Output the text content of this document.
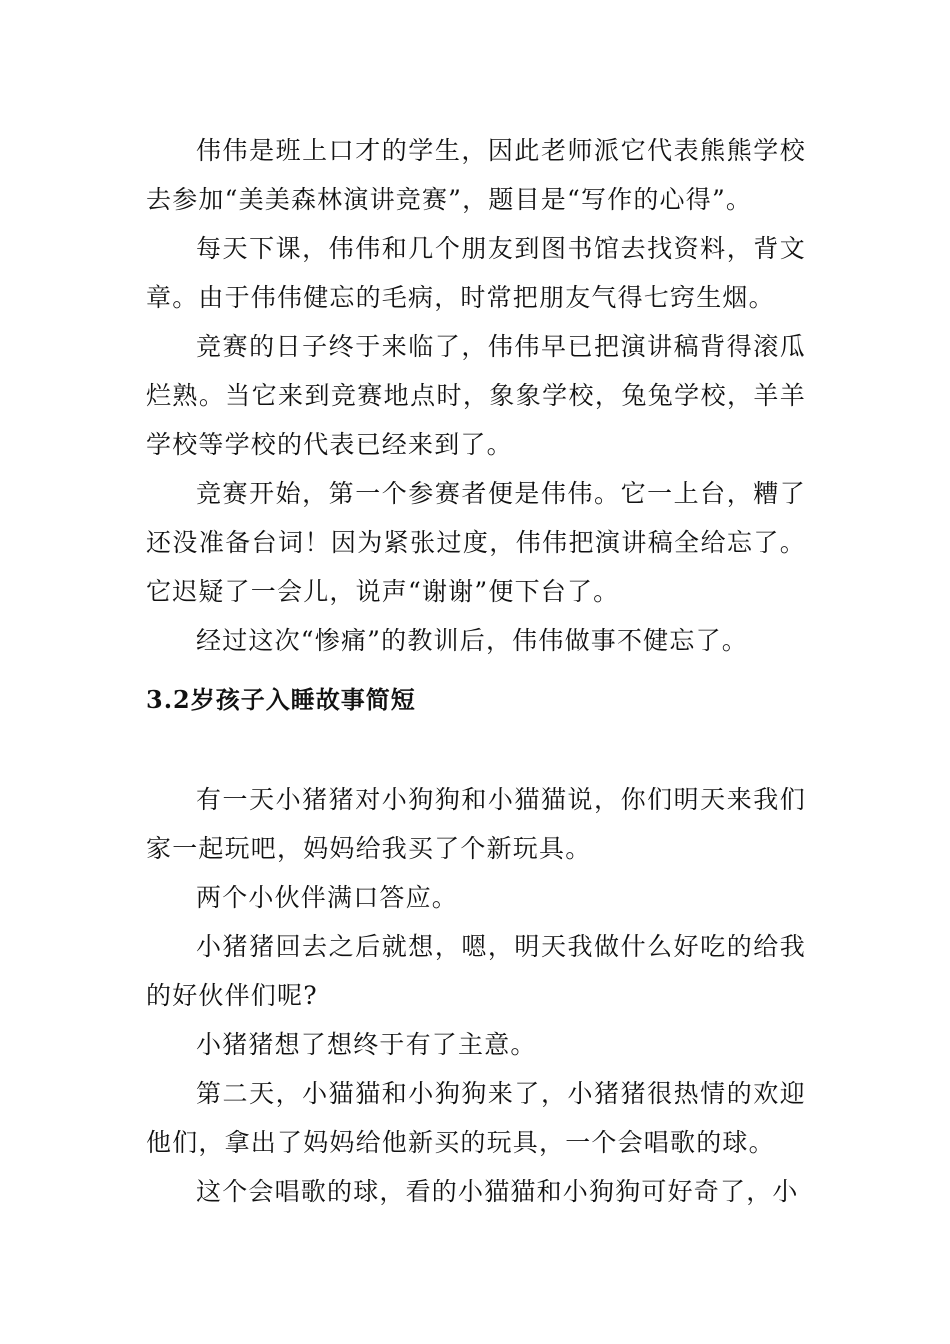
伟伟是班上口才的学生，因此老师派它代表熊熊学校去参加“美美森林演讲竞赛”，题目是“写作的心得”。

每天下课，伟伟和几个朋友到图书馆去找资料，背文章。由于伟伟健忘的毛病，时常把朋友气得七窍生烟。

竞赛的日子终于来临了，伟伟早已把演讲稿背得滚瓜烂熟。当它来到竞赛地点时，象象学校，兔兔学校，羊羊学校等学校的代表已经来到了。

竞赛开始，第一个参赛者便是伟伟。它一上台，糟了还没准备台词！因为紧张过度，伟伟把演讲稿全给忘了。它迟疑了一会儿，说声“谢谢”便下台了。

经过这次“惨痛”的教训后，伟伟做事不健忘了。

3.2岁孩子入睡故事简短

有一天小猪猪对小狗狗和小猫猫说，你们明天来我们家一起玩吧，妈妈给我买了个新玩具。

两个小伙伴满口答应。

小猪猪回去之后就想，嗯，明天我做什么好吃的给我的好伙伴们呢?

小猪猪想了想终于有了主意。

第二天，小猫猫和小狗狗来了，小猪猪很热情的欢迎他们，拿出了妈妈给他新买的玩具，一个会唱歌的球。

这个会唱歌的球，看的小猫猫和小狗狗可好奇了，小
